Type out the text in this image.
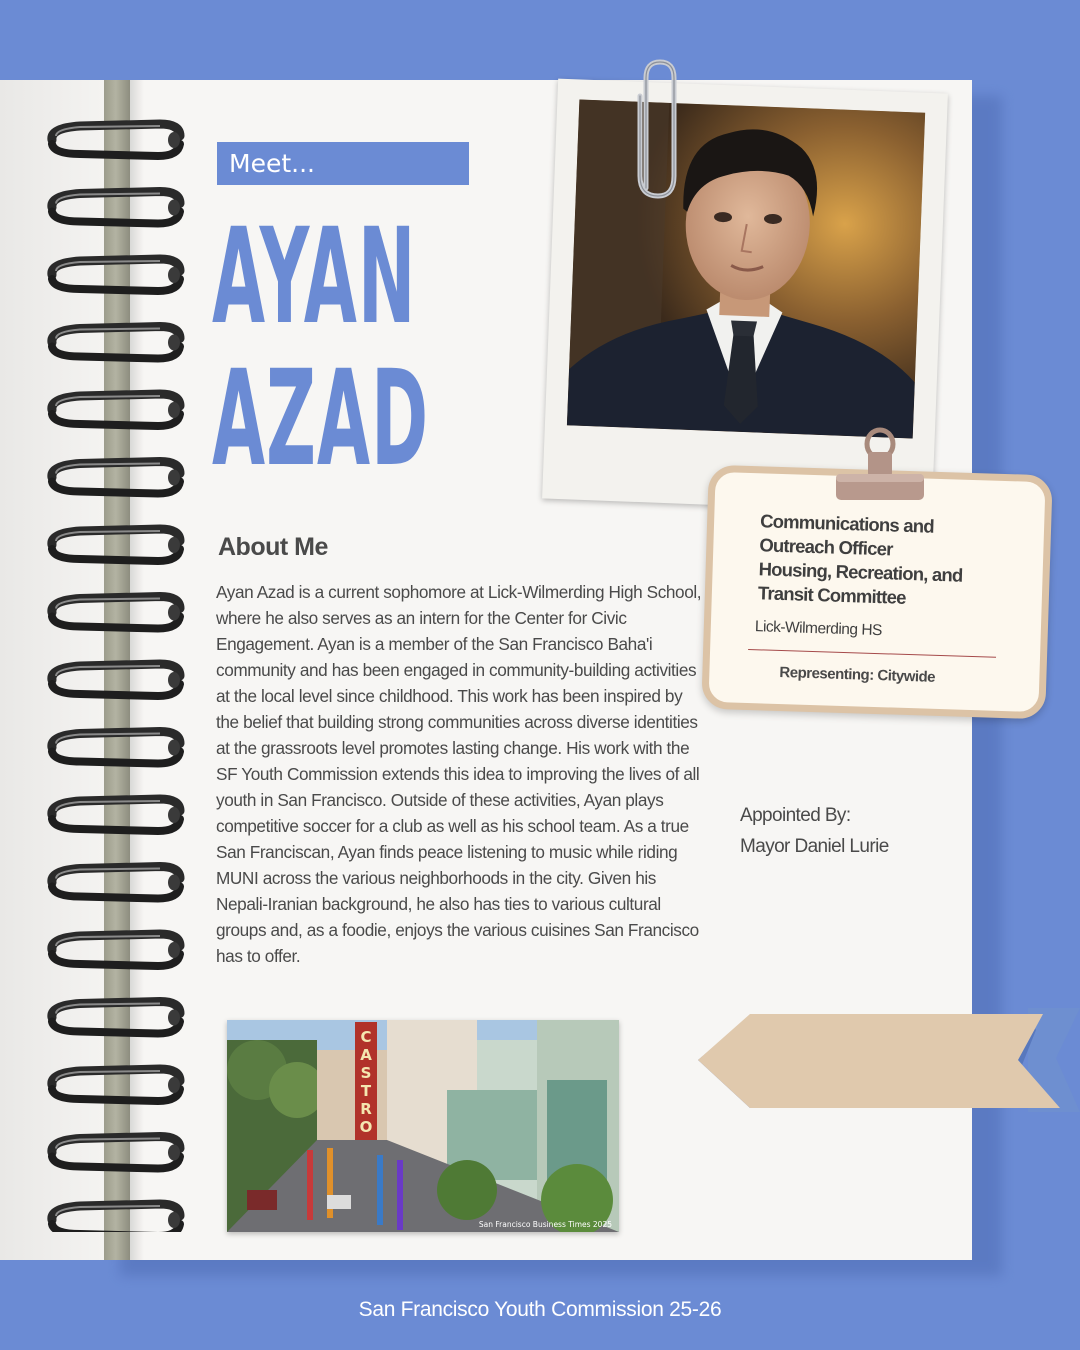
Meet...
AYAN
AZAD
About Me
Ayan Azad is a current sophomore at Lick-Wilmerding High School, where he also serves as an intern for the Center for Civic Engagement. Ayan is a member of the San Francisco Baha'i community and has been engaged in community-building activities at the local level since childhood. This work has been inspired by the belief that building strong communities across diverse identities at the grassroots level promotes lasting change. His work with the SF Youth Commission extends this idea to improving the lives of all youth in San Francisco. Outside of these activities, Ayan plays competitive soccer for a club as well as his school team. As a true San Franciscan, Ayan finds peace listening to music while riding MUNI across the various neighborhoods in the city. Given his Nepali-Iranian background, he also has ties to various cultural groups and, as a foodie, enjoys the various cuisines San Francisco has to offer.
Communications and Outreach Officer
Housing, Recreation, and Transit Committee
Lick-Wilmerding HS
Representing: Citywide
Appointed By:
Mayor Daniel Lurie
C
A
S
T
R
O
San Francisco Business Times 2025
San Francisco Youth Commission 25-26
